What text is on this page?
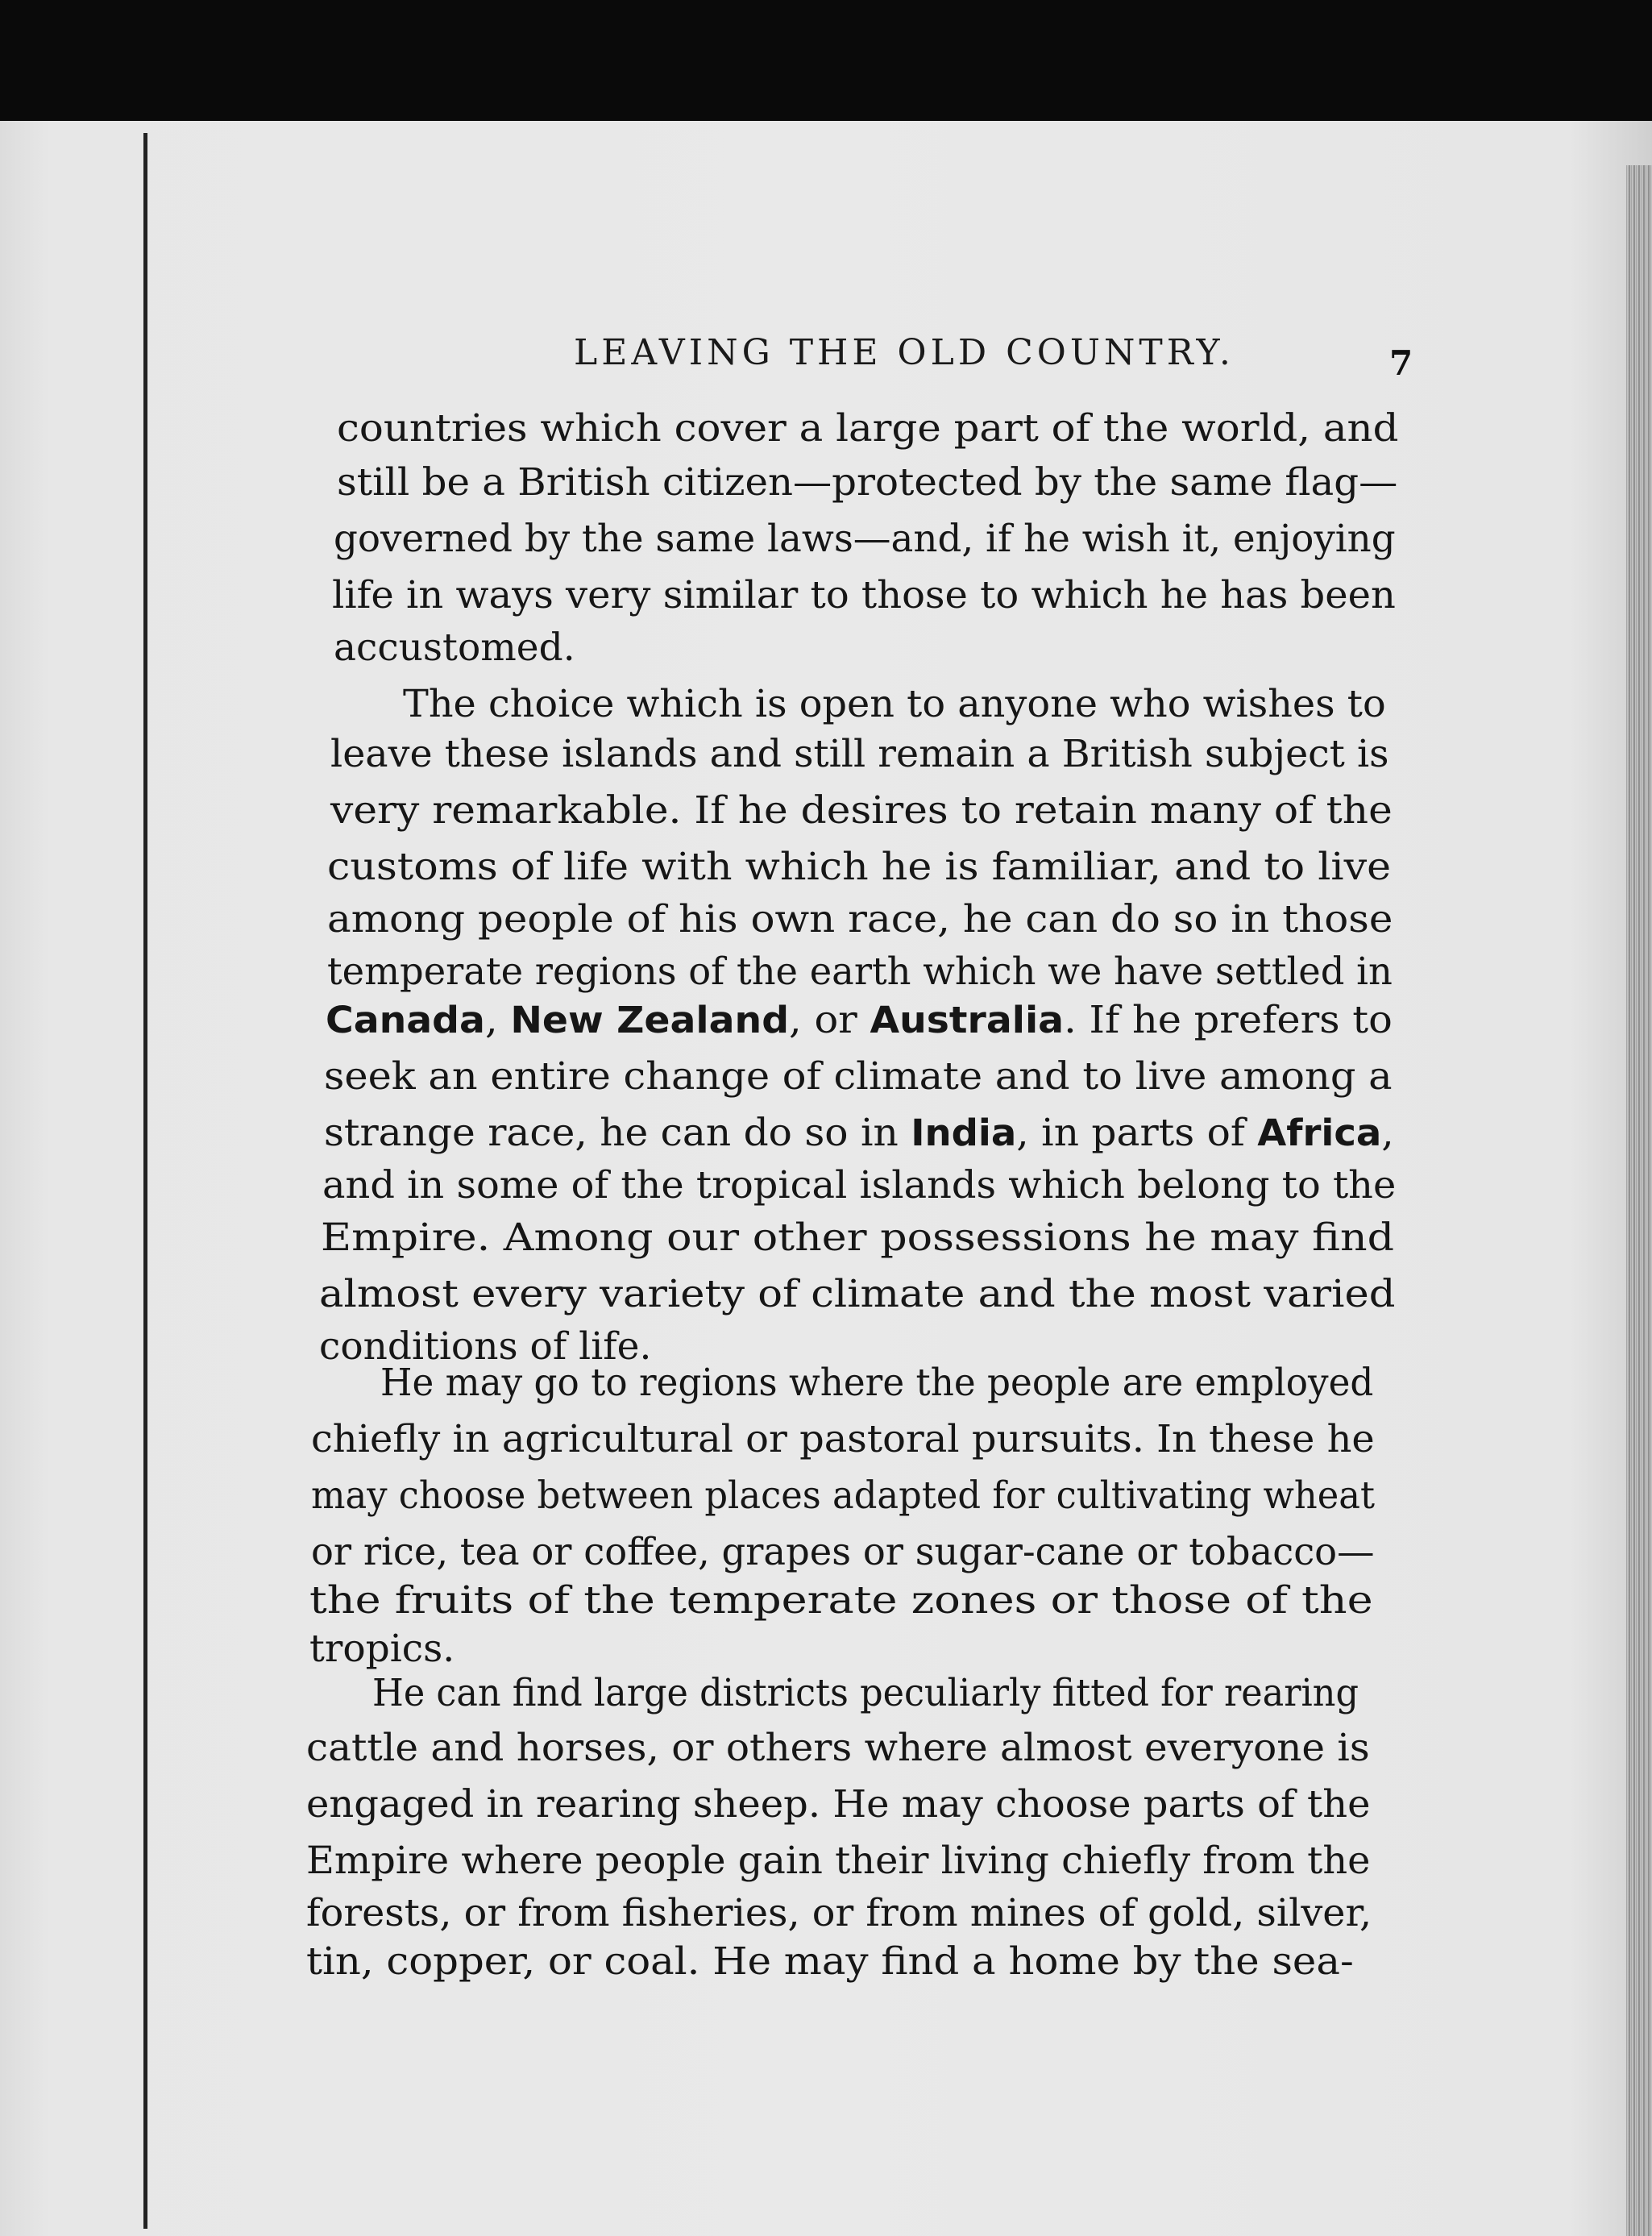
LEAVING THE OLD COUNTRY.	7
countries which cover a large part of the world, and
still be a British citizen—protected by the same flag—
governed by the same laws—and, if he wish it, enjoying
life in ways very similar to those to which he has been
accustomed.
The choice which is open to anyone who wishes to
leave these islands and still remain a British subject is
very remarkable. If he desires to retain many of the
customs of life with which he is familiar, and to live
among people of his own race, he can do so in those
temperate regions of the earth which we have settled in
Canada, New Zealand, or Australia. If he prefers to
seek an entire change of climate and to live among a
strange race, he can do so in India, in parts of Africa,
and in some of the tropical islands which belong to the
Empire. Among our other possessions he may find
almost every variety of climate and the most varied
conditions of life.
He may go to regions where the people are employed
chiefly in agricultural or pastoral pursuits. In these he
may choose between places adapted for cultivating wheat
or rice, tea or coffee, grapes or sugar-cane or tobacco—
the fruits of the temperate zones or those of the
tropics.
He can find large districts peculiarly fitted for rearing
cattle and horses, or others where almost everyone is
engaged in rearing sheep. He may choose parts of the
Empire where people gain their living chiefly from the
forests, or from fisheries, or from mines of gold, silver,
tin, copper, or coal. He may find a home by the sea-
